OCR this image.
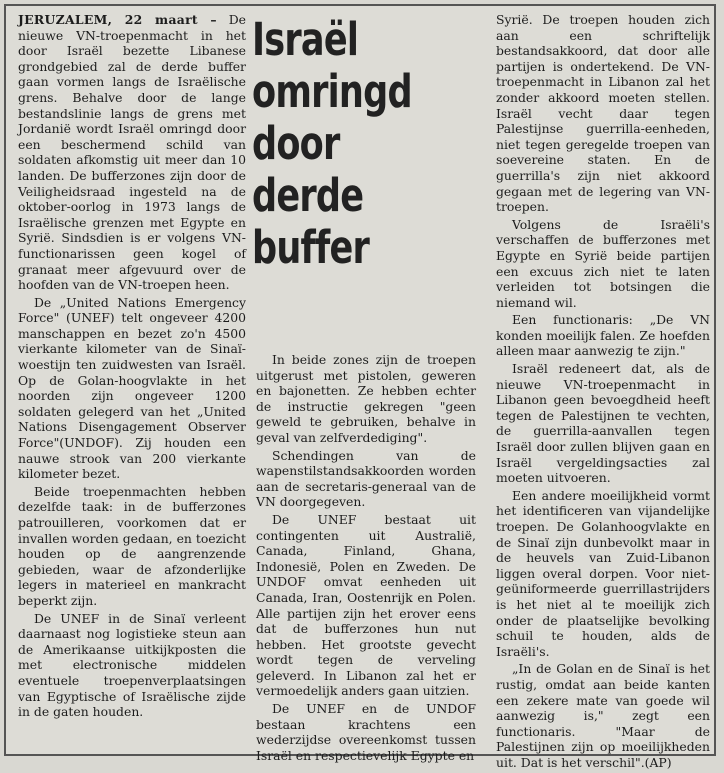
JERUZALEM, 22 maart – De nieuwe VN-troepenmacht in het door Israël bezette Libanese grondgebied zal de derde buffer gaan vormen langs de Israëlische grens. Behalve door de lange bestandslinie langs de grens met Jordanië wordt Israël omringd door een beschermend schild van soldaten afkomstig uit meer dan 10 landen. De bufferzones zijn door de Veiligheidsraad ingesteld na de oktober-oorlog in 1973 langs de Israëlische grenzen met Egypte en Syrië. Sindsdien is er volgens VN-functionarissen geen kogel of granaat meer afgevuurd over de hoofden van de VN-troepen heen.

De „United Nations Emergency Force" (UNEF) telt ongeveer 4200 manschappen en bezet zo'n 4500 vierkante kilometer van de Sinaï-woestijn ten zuidwesten van Israël. Op de Golan-hoogvlakte in het noorden zijn ongeveer 1200 soldaten gelegerd van het „United Nations Disengagement Observer Force"(UNDOF). Zij houden een nauwe strook van 200 vierkante kilometer bezet.

Beide troepenmachten hebben dezelfde taak: in de bufferzones patrouilleren, voorkomen dat er invallen worden gedaan, en toezicht houden op de aangrenzende gebieden, waar de afzonderlijke legers in materieel en mankracht beperkt zijn.

De UNEF in de Sinaï verleent daarnaast nog logistieke steun aan de Amerikaanse uitkijkposten die met electronische middelen eventuele troepenverplaatsingen van Egyptische of Israëlische zijde in de gaten houden.

Israël
omringd
door
derde
buffer

In beide zones zijn de troepen uitgerust met pistolen, geweren en bajonetten. Ze hebben echter de instructie gekregen "geen geweld te gebruiken, behalve in geval van zelfverdediging".

Schendingen van de wapenstilstandsakkoorden worden aan de secretaris-generaal van de VN doorgegeven.

De UNEF bestaat uit contingenten uit Australië, Canada, Finland, Ghana, Indonesië, Polen en Zweden. De UNDOF omvat eenheden uit Canada, Iran, Oostenrijk en Polen. Alle partijen zijn het erover eens dat de bufferzones hun nut hebben. Het grootste gevecht wordt tegen de verveling geleverd. In Libanon zal het er vermoedelijk anders gaan uitzien.

De UNEF en de UNDOF bestaan krachtens een wederzijdse overeenkomst tussen Israël en respectievelijk Egypte en

Syrië. De troepen houden zich aan een schriftelijk bestandsakkoord, dat door alle partijen is ondertekend. De VN-troepenmacht in Libanon zal het zonder akkoord moeten stellen. Israël vecht daar tegen Palestijnse guerrilla-eenheden, niet tegen geregelde troepen van soevereine staten. En de guerrilla's zijn niet akkoord gegaan met de legering van VN-troepen.

Volgens de Israëli's verschaffen de bufferzones met Egypte en Syrië beide partijen een excuus zich niet te laten verleiden tot botsingen die niemand wil.

Een functionaris: „De VN konden moeilijk falen. Ze hoefden alleen maar aanwezig te zijn."

Israël redeneert dat, als de nieuwe VN-troepenmacht in Libanon geen bevoegdheid heeft tegen de Palestijnen te vechten, de guerrilla-aanvallen tegen Israël door zullen blijven gaan en Israël vergeldingsacties zal moeten uitvoeren.

Een andere moeilijkheid vormt het identificeren van vijandelijke troepen. De Golanhoogvlakte en de Sinaï zijn dunbevolkt maar in de heuvels van Zuid-Libanon liggen overal dorpen. Voor niet-geüniformeerde guerrillastrijders is het niet al te moeilijk zich onder de plaatselijke bevolking schuil te houden, alds de Israëli's.

„In de Golan en de Sinaï is het rustig, omdat aan beide kanten een zekere mate van goede wil aanwezig is," zegt een functionaris. "Maar de Palestijnen zijn op moeilijkheden uit. Dat is het verschil".(AP)
